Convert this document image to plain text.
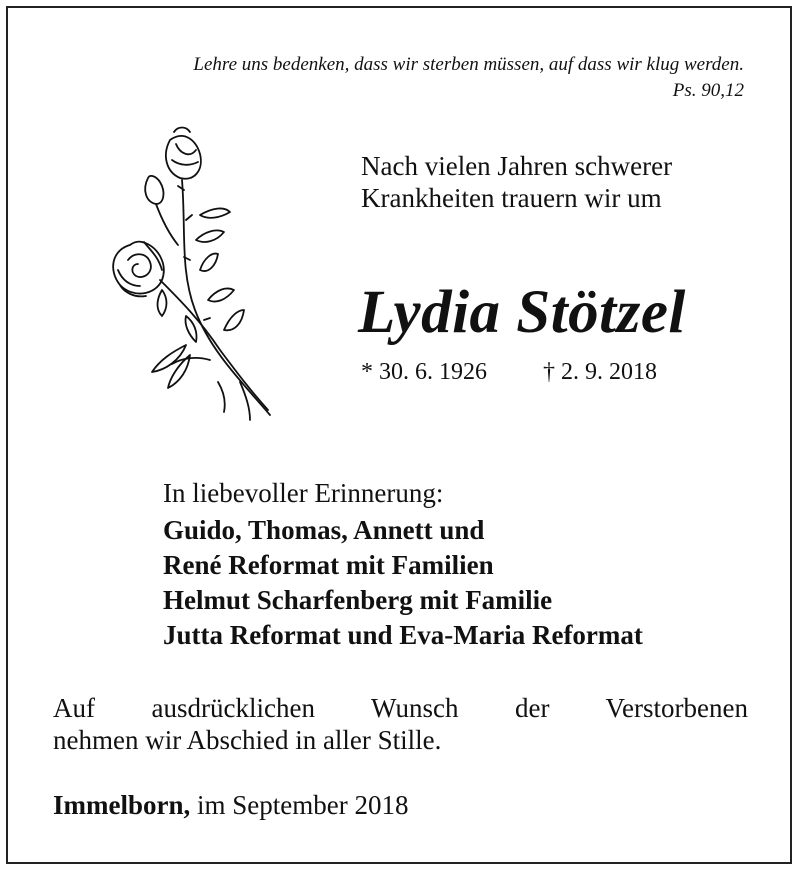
Lehre uns bedenken, dass wir sterben müssen, auf dass wir klug werden.
Ps. 90,12
Nach vielen Jahren schwerer
Krankheiten trauern wir um
Lydia Stötzel
* 30. 6. 1926 † 2. 9. 2018
In liebevoller Erinnerung:
Guido, Thomas, Annett und
René Reformat mit Familien
Helmut Scharfenberg mit Familie
Jutta Reformat und Eva-Maria Reformat
Auf ausdrücklichen Wunsch der Verstorbenen
nehmen wir Abschied in aller Stille.
Immelborn, im September 2018
